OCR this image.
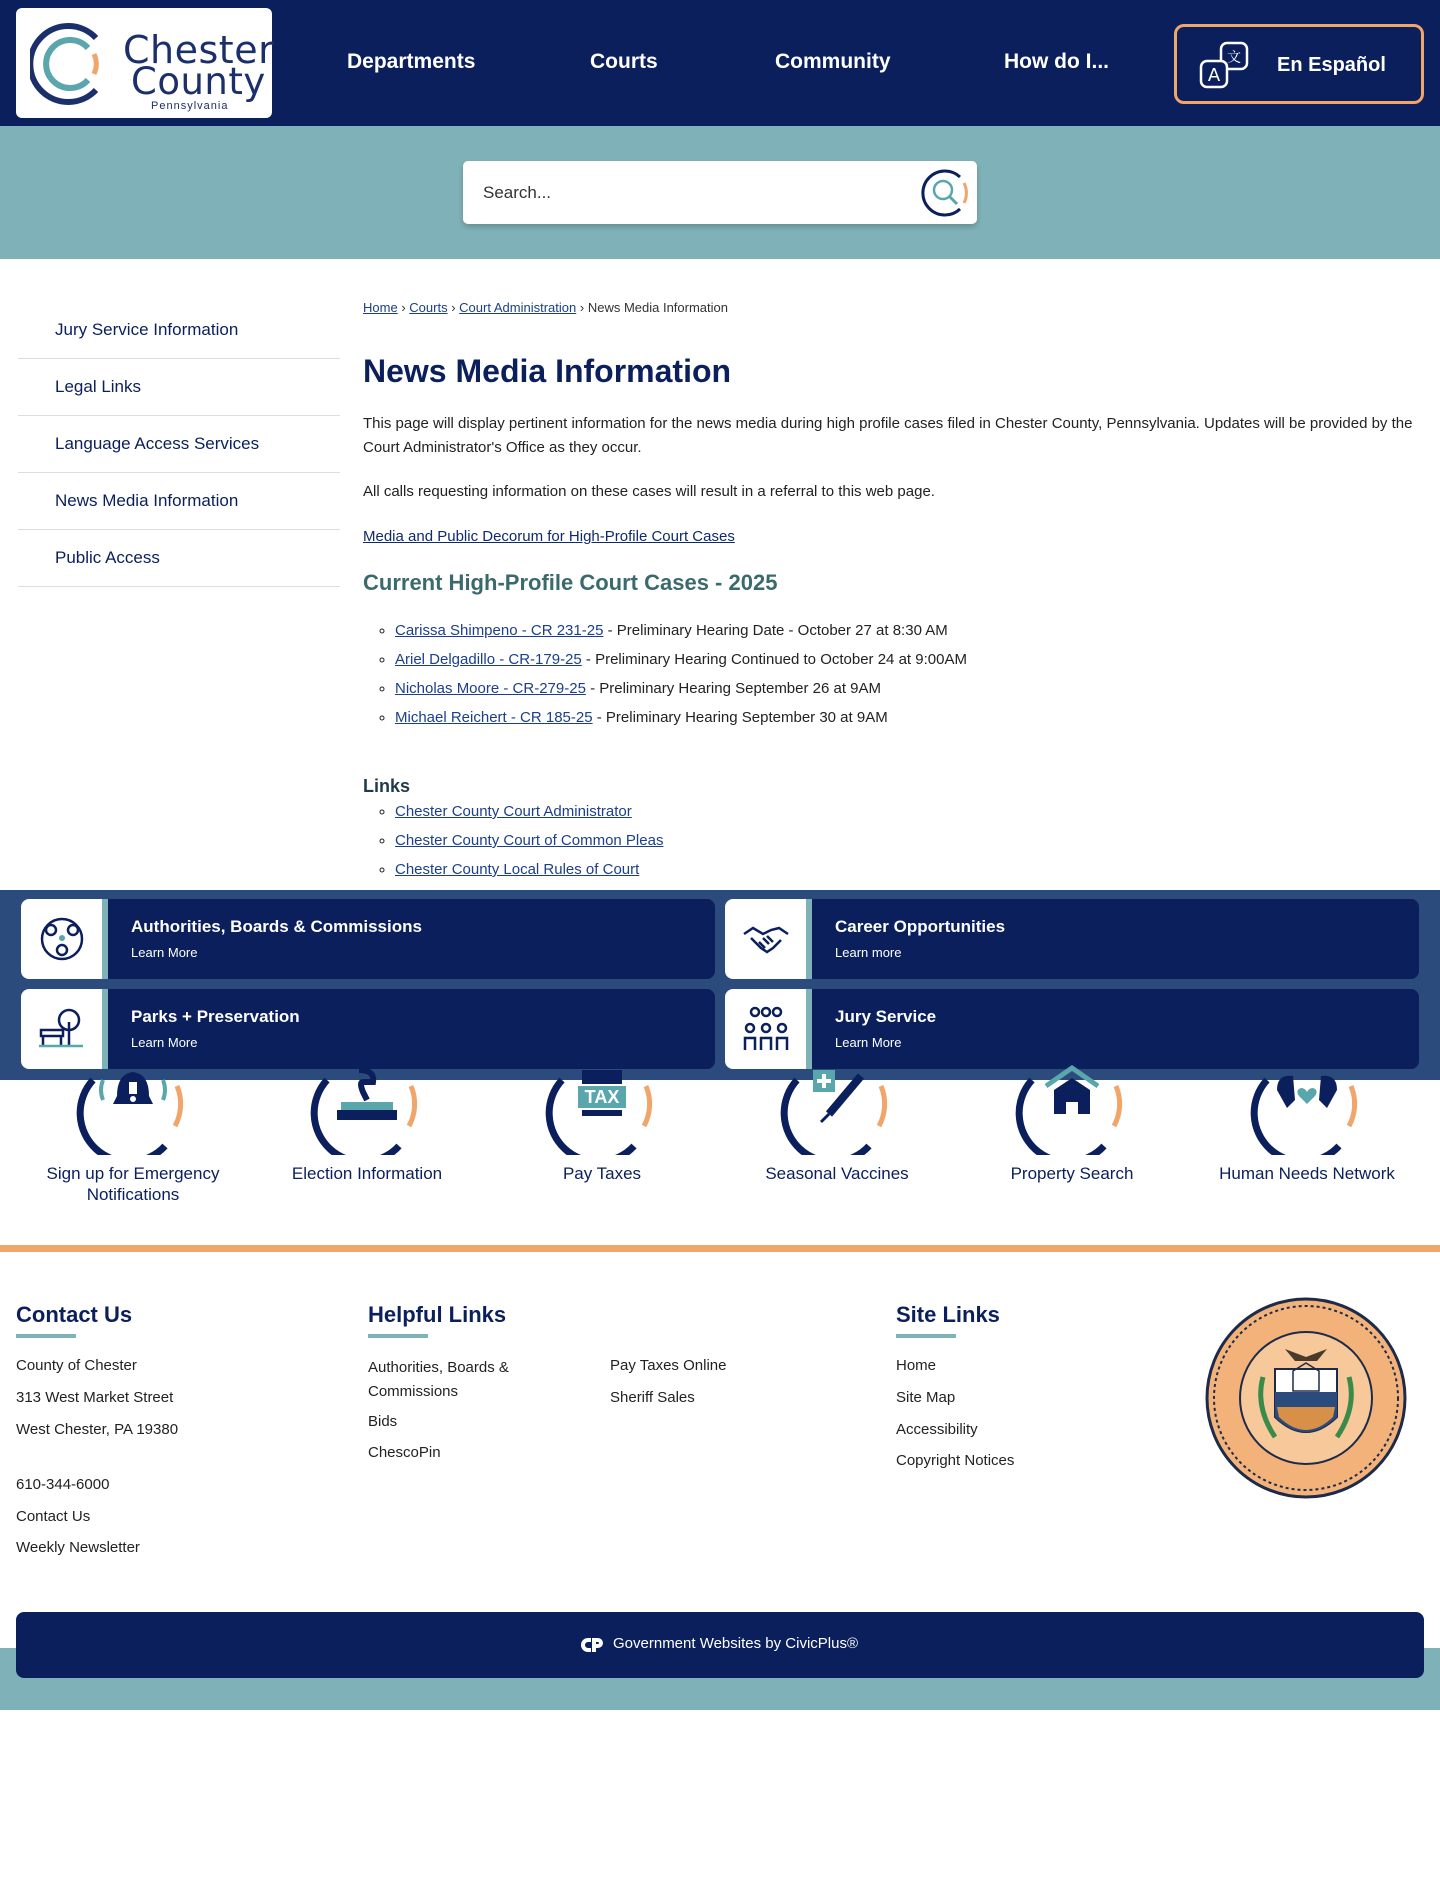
Chester
County
Pennsylvania
Departments	Courts	Community	How do I...
A
文 En Español
Search...
Jury Service Information
Legal Links
Language Access Services
News Media Information
Public Access
Home › Courts › Court Administration › News Media Information
News Media Information

This page will display pertinent information for the news media during high profile cases filed in Chester County, Pennsylvania. Updates will be provided by the Court Administrator's Office as they occur.

All calls requesting information on these cases will result in a referral to this web page.

Media and Public Decorum for High-Profile Court Cases

Current High-Profile Court Cases - 2025
◦ Carissa Shimpeno - CR 231-25 - Preliminary Hearing Date - October 27 at 8:30 AM
◦ Ariel Delgadillo - CR-179-25 - Preliminary Hearing Continued to October 24 at 9:00AM
◦ Nicholas Moore - CR-279-25 - Preliminary Hearing September 26 at 9AM
◦ Michael Reichert - CR 185-25 - Preliminary Hearing September 30 at 9AM
Links
◦ Chester County Court Administrator
◦ Chester County Court of Common Pleas
◦ Chester County Local Rules of Court
Authorities, Boards & Commissions
Learn More
Career Opportunities
Learn more
Parks + Preservation
Learn More
Jury Service
Learn More
Sign up for Emergency Notifications
Election Information
TAX
Pay Taxes	Seasonal Vaccines	Property Search	Human Needs Network
Contact Us
County of Chester
313 West Market Street
West Chester, PA 19380
610-344-6000
Contact Us
Weekly Newsletter
Helpful Links
Authorities, Boards & Commissions
Bids
ChescoPin
Pay Taxes Online
Sheriff Sales
Site Links
Home
Site Map
Accessibility
Copyright Notices
Government Websites by CivicPlus®
